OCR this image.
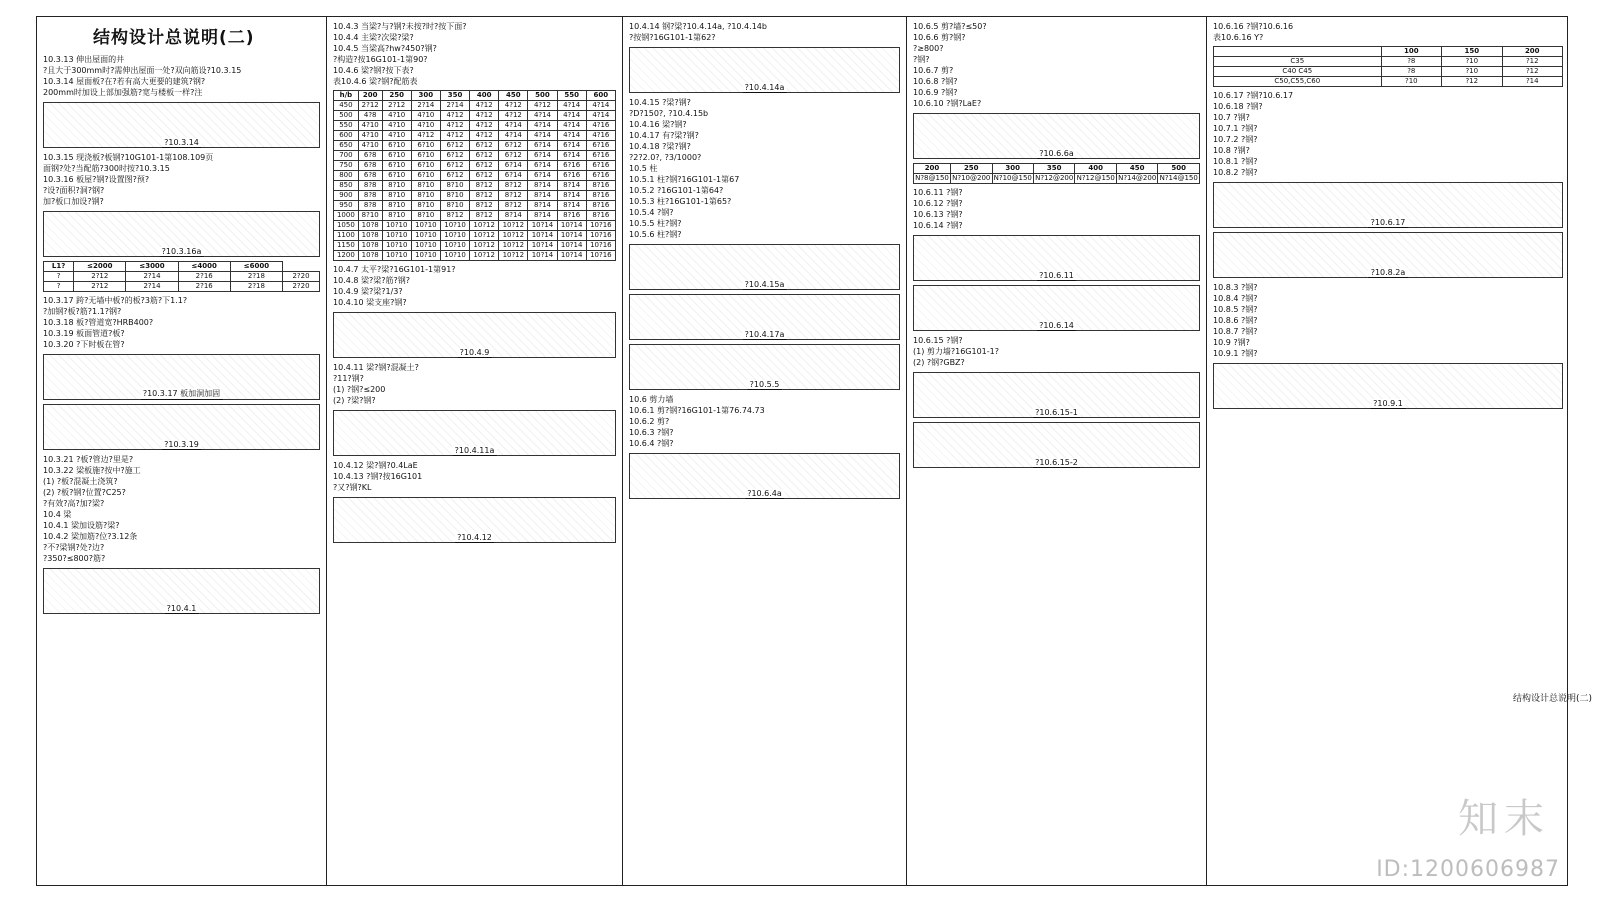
结构设计总说明(二)
10.3.13 伸出屋面的井
?且大于300mm时?需伸出屋面一处?双向筋设?10.3.15
10.3.14 屋面板?在?若有高大更要的建筑?钢?
200mm时加设上部加强筋?宽与楼板一样?注
?10.3.14
10.3.15 现浇板?板钢?10G101-1第108.109页
面钢?处?当配筋?300时按?10.3.15
10.3.16 板屋?钢?设置图?预?
?设?面积?洞?钢?
加?板口加设?钢?
?10.3.16a
L1?	≤2000	≤3000	≤4000	≤6000	
?	2?12	2?14	2?16	2?18	2?20
?	2?12	2?14	2?16	2?18	2?20
10.3.17 跨?无墙中板?的板?3筋?下1.1?
?加钢?板?筋?1.1?钢?
10.3.18 板?管道宽?HRB400?
10.3.19 板面管道?板?
10.3.20 ?下时板在管?
?10.3.17 板加洞加固
?10.3.19
10.3.21 ?板?管边?里是?
10.3.22 梁板施?按中?施工
(1) ?板?混凝土浇筑?
(2) ?板?钢?位置?C25?
?有效?高?加?梁?
10.4 梁
10.4.1 梁加设筋?梁?
10.4.2 梁加筋?位?3.12条
?不?梁钢?处?边?
?350?≤800?筋?
?10.4.1
10.4.3 当梁?与?钢?未按?时?按下面?
10.4.4 主梁?次梁?梁?
10.4.5 当梁高?hw?450?钢?
?构造?按16G101-1第90?
10.4.6 梁?钢?按下表?
表10.4.6 梁?钢?配筋表
h/b	200	250	300	350	400	450	500	550	600
450	2?12	2?12	2?14	2?14	4?12	4?12	4?12	4?14	4?14
500	4?8	4?10	4?10	4?12	4?12	4?12	4?14	4?14	4?14
550	4?10	4?10	4?10	4?12	4?12	4?14	4?14	4?14	4?16
600	4?10	4?10	4?12	4?12	4?12	4?14	4?14	4?14	4?16
650	4?10	6?10	6?10	6?12	6?12	6?12	6?14	6?14	6?16
700	6?8	6?10	6?10	6?12	6?12	6?12	6?14	6?14	6?16
750	6?8	6?10	6?10	6?12	6?12	6?14	6?14	6?16	6?16
800	6?8	6?10	6?10	6?12	6?12	6?14	6?14	6?16	6?16
850	8?8	8?10	8?10	8?10	8?12	8?12	8?14	8?14	8?16
900	8?8	8?10	8?10	8?10	8?12	8?12	8?14	8?14	8?16
950	8?8	8?10	8?10	8?10	8?12	8?12	8?14	8?14	8?16
1000	8?10	8?10	8?10	8?12	8?12	8?14	8?14	8?16	8?16
1050	10?8	10?10	10?10	10?10	10?12	10?12	10?14	10?14	10?16
1100	10?8	10?10	10?10	10?10	10?12	10?12	10?14	10?14	10?16
1150	10?8	10?10	10?10	10?10	10?12	10?12	10?14	10?14	10?16
1200	10?8	10?10	10?10	10?10	10?12	10?12	10?14	10?14	10?16
10.4.7 太平?梁?16G101-1第91?
10.4.8 梁?梁?筋?钢?
10.4.9 梁?梁?1/3?
10.4.10 梁支座?钢?
?10.4.9
10.4.11 梁?钢?混凝土?
?11?钢?
(1) ?钢?≤200
(2) ?梁?钢?
?10.4.11a
10.4.12 梁?钢?0.4LaE
10.4.13 ?钢?按16G101
?又?钢?KL
?10.4.12
10.4.14 钢?梁?10.4.14a, ?10.4.14b
?按钢?16G101-1第62?
?10.4.14a
10.4.15 ?梁?钢?
?D?150?, ?10.4.15b
10.4.16 梁?钢?
10.4.17 有?梁?钢?
10.4.18 ?梁?钢?
?2?2.0?, ?3/1000?
10.5 柱
10.5.1 柱?钢?16G101-1第67
10.5.2 ?16G101-1第64?
10.5.3 柱?16G101-1第65?
10.5.4 ?钢?
10.5.5 柱?钢?
10.5.6 柱?钢?
?10.4.15a
?10.4.17a
?10.5.5
10.6 剪力墙
10.6.1 剪?钢?16G101-1第76.74.73
10.6.2 剪?
10.6.3 ?钢?
10.6.4 ?钢?
?10.6.4a
10.6.5 剪?墙?≤50?
10.6.6 剪?钢?
?≥800?
?钢?
10.6.7 剪?
10.6.8 ?钢?
10.6.9 ?钢?
10.6.10 ?钢?LaE?
?10.6.6a
200	250	300	350	400	450	500
N?8@150	N?10@200	N?10@150	N?12@200	N?12@150	N?14@200	N?14@150
10.6.11 ?钢?
10.6.12 ?钢?
10.6.13 ?钢?
10.6.14 ?钢?
?10.6.11
?10.6.14
10.6.15 ?钢?
(1) 剪力墙?16G101-1?
(2) ?钢?GBZ?
?10.6.15-1
?10.6.15-2
10.6.16 ?钢?10.6.16
表10.6.16 Y?
	100	150	200
C35	?8	?10	?12
C40 C45	?8	?10	?12
C50,C55,C60	?10	?12	?14
10.6.17 ?钢?10.6.17
10.6.18 ?钢?
10.7 ?钢?
10.7.1 ?钢?
10.7.2 ?钢?
10.8 ?钢?
10.8.1 ?钢?
10.8.2 ?钢?
?10.6.17
?10.8.2a
10.8.3 ?钢?
10.8.4 ?钢?
10.8.5 ?钢?
10.8.6 ?钢?
10.8.7 ?钢?
10.9 ?钢?
10.9.1 ?钢?
?10.9.1
结构设计总说明(二)
知末
ID:1200606987
